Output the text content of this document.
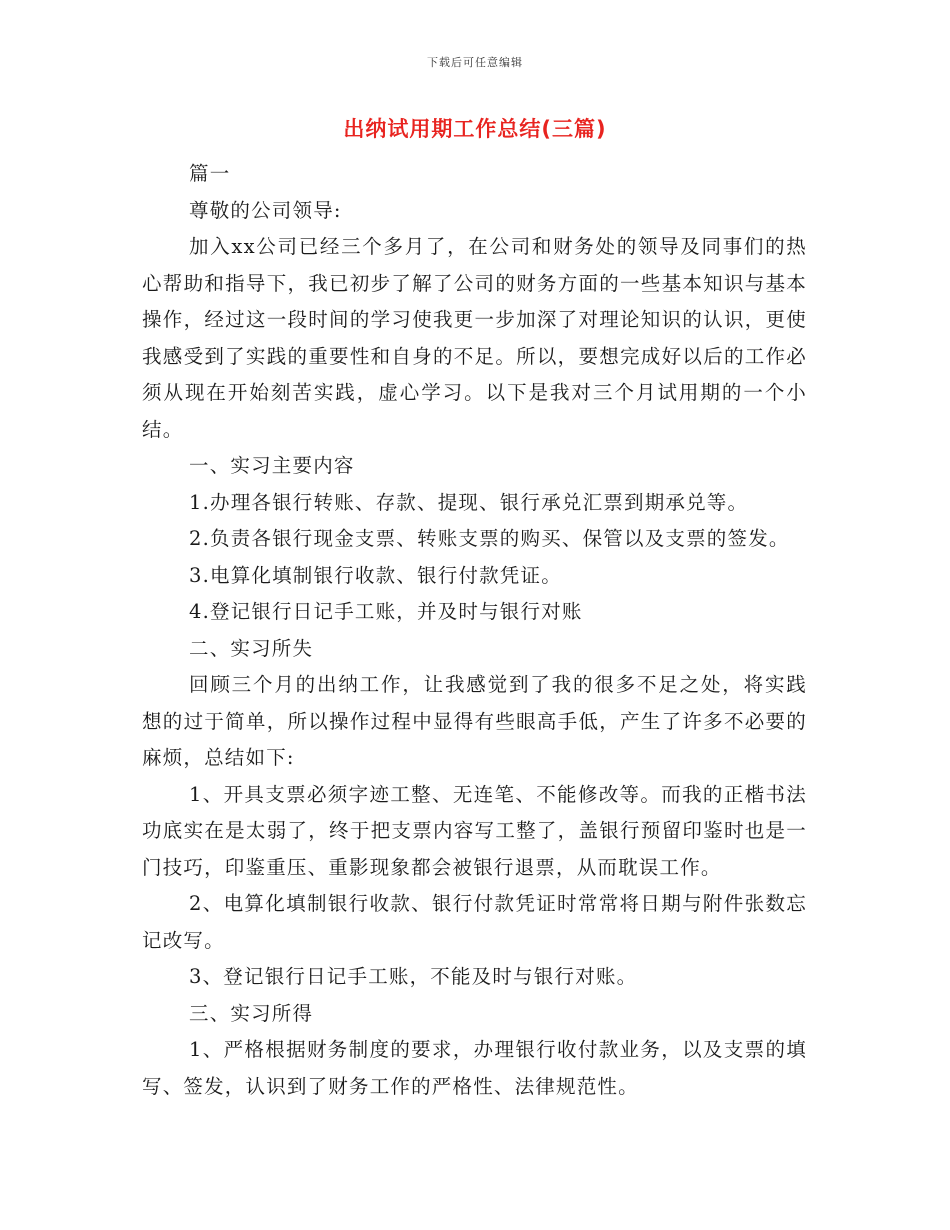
下载后可任意编辑
出纳试用期工作总结(三篇)

篇一

尊敬的公司领导:

加入xx公司已经三个多月了，在公司和财务处的领导及同事们的热心帮助和指导下，我已初步了解了公司的财务方面的一些基本知识与基本操作，经过这一段时间的学习使我更一步加深了对理论知识的认识，更使我感受到了实践的重要性和自身的不足。所以，要想完成好以后的工作必须从现在开始刻苦实践，虚心学习。以下是我对三个月试用期的一个小结。

一、实习主要内容

1.办理各银行转账、存款、提现、银行承兑汇票到期承兑等。

2.负责各银行现金支票、转账支票的购买、保管以及支票的签发。

3.电算化填制银行收款、银行付款凭证。

4.登记银行日记手工账，并及时与银行对账

二、实习所失

回顾三个月的出纳工作，让我感觉到了我的很多不足之处，将实践想的过于简单，所以操作过程中显得有些眼高手低，产生了许多不必要的麻烦，总结如下:

1、开具支票必须字迹工整、无连笔、不能修改等。而我的正楷书法功底实在是太弱了，终于把支票内容写工整了，盖银行预留印鉴时也是一门技巧，印鉴重压、重影现象都会被银行退票，从而耽误工作。

2、电算化填制银行收款、银行付款凭证时常常将日期与附件张数忘记改写。

3、登记银行日记手工账，不能及时与银行对账。

三、实习所得

1、严格根据财务制度的要求，办理银行收付款业务，以及支票的填写、签发，认识到了财务工作的严格性、法律规范性。
